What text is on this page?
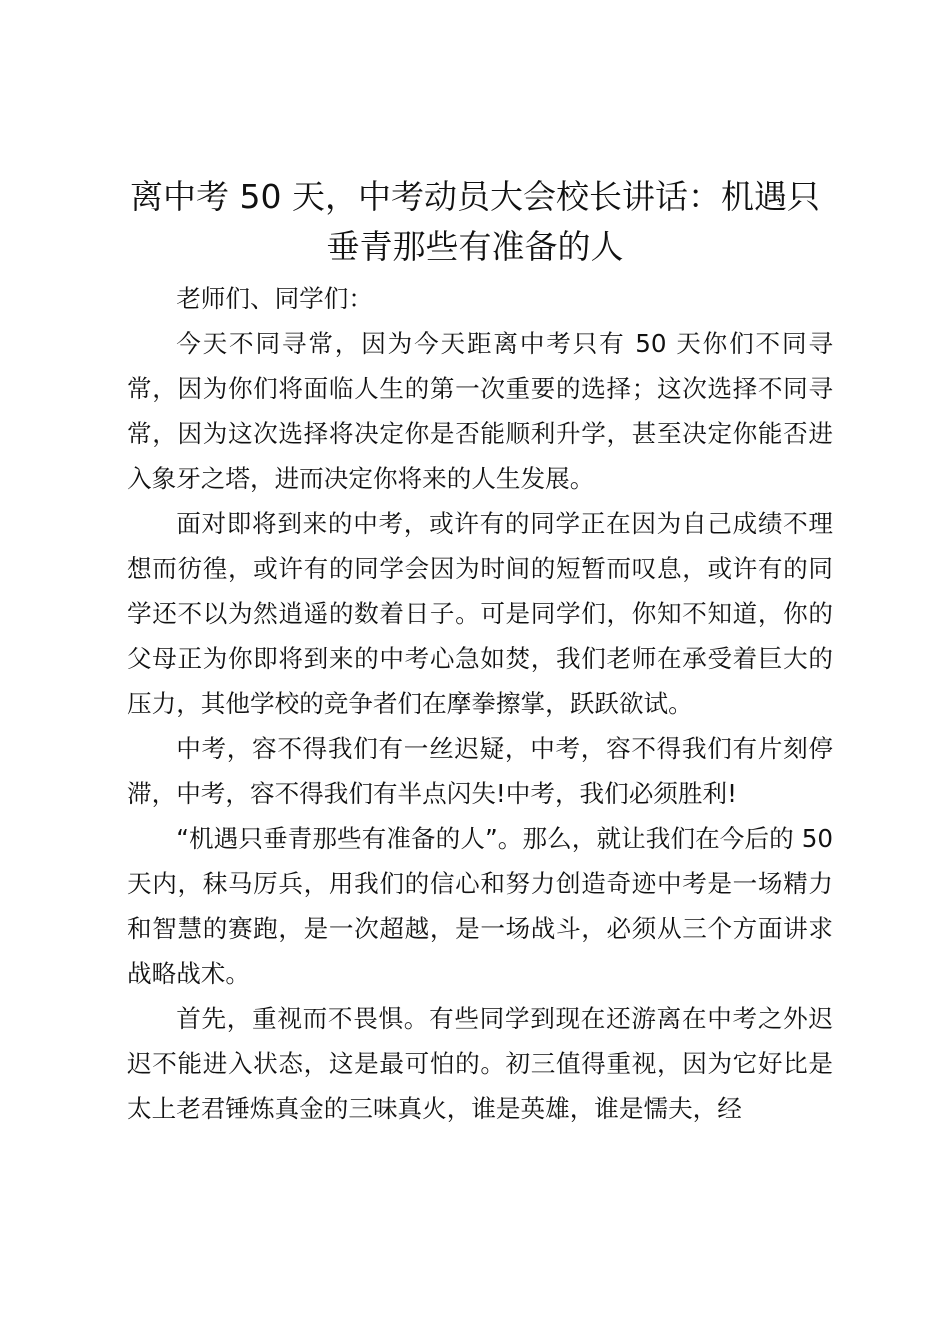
离中考 50 天，中考动员大会校长讲话：机遇只垂青那些有准备的人

老师们、同学们：

今天不同寻常，因为今天距离中考只有 50 天你们不同寻常，因为你们将面临人生的第一次重要的选择；这次选择不同寻常，因为这次选择将决定你是否能顺利升学，甚至决定你能否进入象牙之塔，进而决定你将来的人生发展。

面对即将到来的中考，或许有的同学正在因为自己成绩不理想而彷徨，或许有的同学会因为时间的短暂而叹息，或许有的同学还不以为然逍遥的数着日子。可是同学们，你知不知道，你的父母正为你即将到来的中考心急如焚，我们老师在承受着巨大的压力，其他学校的竞争者们在摩拳擦掌，跃跃欲试。

中考，容不得我们有一丝迟疑，中考，容不得我们有片刻停滞，中考，容不得我们有半点闪失!中考，我们必须胜利!

“机遇只垂青那些有准备的人”。那么，就让我们在今后的 50 天内，秣马厉兵，用我们的信心和努力创造奇迹中考是一场精力和智慧的赛跑，是一次超越，是一场战斗，必须从三个方面讲求战略战术。

首先，重视而不畏惧。有些同学到现在还游离在中考之外迟迟不能进入状态，这是最可怕的。初三值得重视，因为它好比是太上老君锤炼真金的三味真火，谁是英雄，谁是懦夫，经
